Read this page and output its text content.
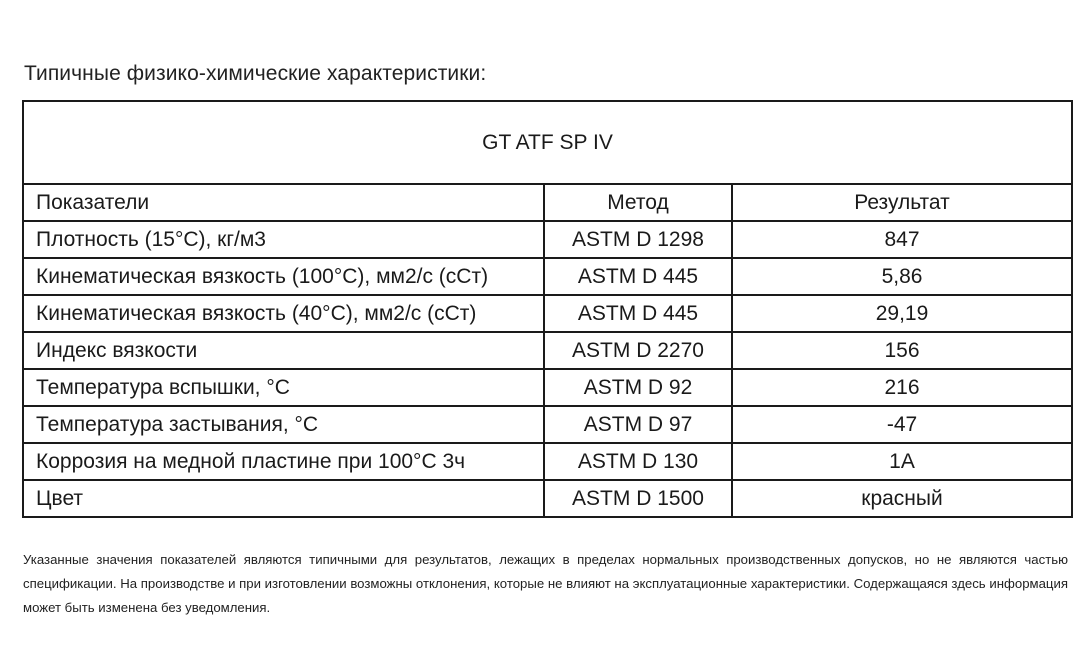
Типичные физико-химические характеристики:
GT ATF SP IV		
Показатели	Метод	Результат
Плотность (15°С), кг/м3	ASTM D 1298	847
Кинематическая вязкость (100°С), мм2/с (сСт)	ASTM D 445	5,86
Кинематическая вязкость (40°С), мм2/с (сСт)	ASTM D 445	29,19
Индекс вязкости	ASTM D 2270	156
Температура вспышки, °С	ASTM D 92	216
Температура застывания, °С	ASTM D 97	-47
Коррозия на медной пластине при 100°С 3ч	ASTM D 130	1А
Цвет	ASTM D 1500	красный
Указанные значения показателей являются типичными для результатов, лежащих в пределах нормальных производственных допусков, но не являются частью спецификации. На производстве и при изготовлении возможны отклонения, которые не влияют на эксплуатационные характеристики. Содержащаяся здесь информация может быть изменена без уведомления.
